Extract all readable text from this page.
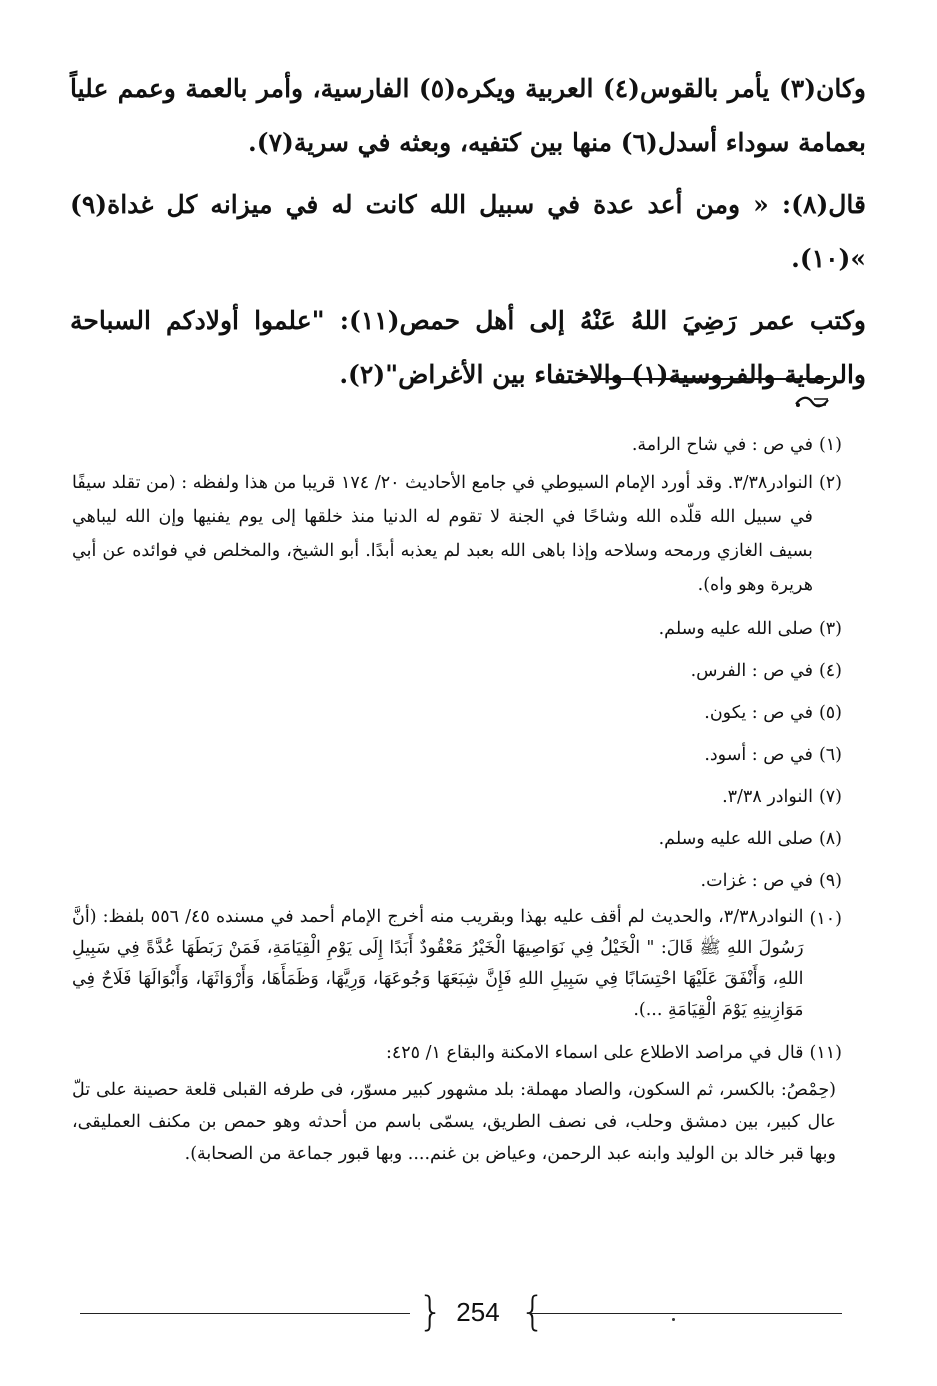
وكان(٣) يأمر بالقوس(٤) العربية ويكره(٥) الفارسية، وأمر بالعمة وعمم علياً بعمامة سوداء أسدل(٦) منها بين كتفيه، وبعثه في سرية(٧).

قال(٨): « ومن أعد عدة في سبيل الله كانت له في ميزانه كل غداة(٩) »(١٠).

وكتب عمر رَضِيَ اللهُ عَنْهُ إلى أهل حمص(١١): "علموا أولادكم السباحة والرماية والفروسية(١) والاختفاء بين الأغراض"(٢).

(١)
في ص : في شاح الرامة.
(٢)
النوادر٣/٣٨. وقد أورد الإمام السيوطي في جامع الأحاديث ٢٠/ ١٧٤ قريبا من هذا ولفظه : (من تقلد سيفًا في سبيل الله قلّده الله وشاحًا في الجنة لا تقوم له الدنيا منذ خلقها إلى يوم يفنيها وإن الله ليباهي بسيف الغازي ورمحه وسلاحه وإذا باهى الله بعبد لم يعذبه أبدًا. أبو الشيخ، والمخلص في فوائده عن أبي هريرة وهو واه).
(٣)
صلى الله عليه وسلم.
(٤)
في ص : الفرس.
(٥)
في ص : يكون.
(٦)
في ص : أسود.
(٧)
النوادر ٣/٣٨.
(٨)
صلى الله عليه وسلم.
(٩)
في ص : غزات.
(١٠)
النوادر٣/٣٨، والحديث لم أقف عليه بهذا وبقريب منه أخرج الإمام أحمد في مسنده ٤٥/ ٥٥٦ بلفظ: (أنَّ رَسُولَ اللهِ ﷺ قَالَ: " الْخَيْلُ فِي نَوَاصِيهَا الْخَيْرُ مَعْقُودٌ أَبَدًا إِلَى يَوْمِ الْقِيَامَةِ، فَمَنْ رَبَطَهَا عُدَّةً فِي سَبِيلِ اللهِ، وَأَنْفَقَ عَلَيْهَا احْتِسَابًا فِي سَبِيلِ اللهِ فَإِنَّ شِبَعَهَا وَجُوعَهَا، وَرِيَّهَا، وَظَمَأَهَا، وَأَرْوَاثَهَا، وَأَبْوَالَهَا فَلَاحٌ فِي مَوَازِينِهِ يَوْمَ الْقِيَامَةِ ...).
(١١)
قال في مراصد الاطلاع على اسماء الامكنة والبقاع ١/ ٤٢٥:

(حِمْصُ: بالكسر، ثم السكون، والصاد مهملة: بلد مشهور كبير مسوّر، فى طرفه القبلى قلعة حصينة على تلّ عال كبير، بين دمشق وحلب، فى نصف الطريق، يسمّى باسم من أحدثه وهو حمص بن مكنف العمليقى، وبها قبر خالد بن الوليد وابنه عبد الرحمن، وعياض بن غنم.... وبها قبور جماعة من الصحابة).

{ 254 }
